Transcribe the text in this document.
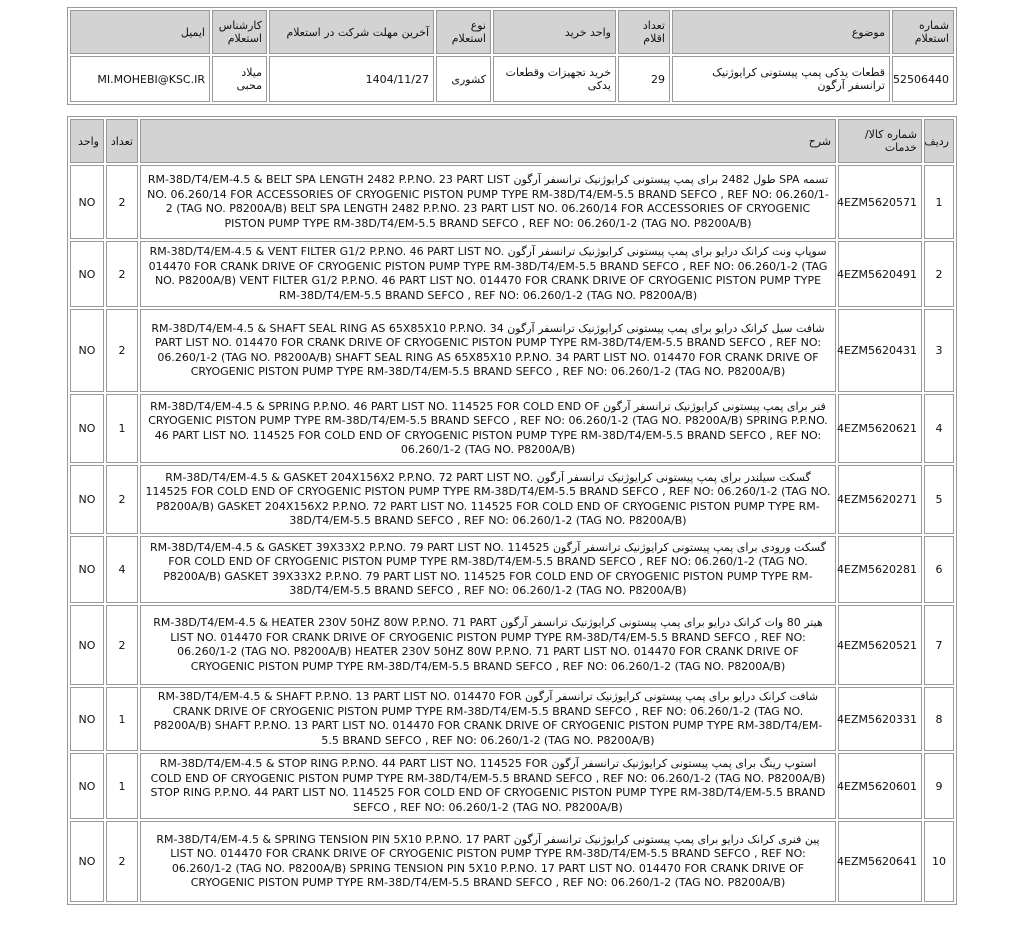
شماره استعلام	موضوع	تعداد اقلام	واحد خرید	نوع استعلام	آخرین مهلت شرکت در استعلام	کارشناس استعلام	ایمیل
52506440	قطعات یدکی پمپ پیستونی کرایوژنیک ترانسفر آرگون	29	خرید تجهیزات وقطعات یدکی	کشوری	1404/11/27	میلاد محبی	MI.MOHEBI@KSC.IR
ردیف	شماره کالا/خدمات	شرح	تعداد	واحد
1	4EZM5620571	تسمه SPA طول 2482 برای پمپ پیستونی کرایوژنیک ترانسفر آرگون RM-38D/T4/EM-4.5 & BELT SPA LENGTH 2482 P.P.NO. 23 PART LIST NO. 06.260/14 FOR ACCESSORIES OF CRYOGENIC PISTON PUMP TYPE RM-38D/T4/EM-5.5 BRAND SEFCO , REF NO: 06.260/1-2 (TAG NO. P8200A/B) BELT SPA LENGTH 2482 P.P.NO. 23 PART LIST NO. 06.260/14 FOR ACCESSORIES OF CRYOGENIC PISTON PUMP TYPE RM-38D/T4/EM-5.5 BRAND SEFCO , REF NO: 06.260/1-2 (TAG NO. P8200A/B)	2	NO
2	4EZM5620491	سوپاپ ونت کرانک درایو برای پمپ پیستونی کرایوژنیک ترانسفر آرگون RM-38D/T4/EM-4.5 & VENT FILTER G1/2 P.P.NO. 46 PART LIST NO. 014470 FOR CRANK DRIVE OF CRYOGENIC PISTON PUMP TYPE RM-38D/T4/EM-5.5 BRAND SEFCO , REF NO: 06.260/1-2 (TAG NO. P8200A/B) VENT FILTER G1/2 P.P.NO. 46 PART LIST NO. 014470 FOR CRANK DRIVE OF CRYOGENIC PISTON PUMP TYPE RM-38D/T4/EM-5.5 BRAND SEFCO , REF NO: 06.260/1-2 (TAG NO. P8200A/B)	2	NO
3	4EZM5620431	شافت سیل کرانک درایو برای پمپ پیستونی کرایوژنیک ترانسفر آرگون RM-38D/T4/EM-4.5 & SHAFT SEAL RING AS 65X85X10 P.P.NO. 34 PART LIST NO. 014470 FOR CRANK DRIVE OF CRYOGENIC PISTON PUMP TYPE RM-38D/T4/EM-5.5 BRAND SEFCO , REF NO: 06.260/1-2 (TAG NO. P8200A/B) SHAFT SEAL RING AS 65X85X10 P.P.NO. 34 PART LIST NO. 014470 FOR CRANK DRIVE OF CRYOGENIC PISTON PUMP TYPE RM-38D/T4/EM-5.5 BRAND SEFCO , REF NO: 06.260/1-2 (TAG NO. P8200A/B)	2	NO
4	4EZM5620621	فنر برای پمپ پیستونی کرایوژنیک ترانسفر آرگون RM-38D/T4/EM-4.5 & SPRING P.P.NO. 46 PART LIST NO. 114525 FOR COLD END OF CRYOGENIC PISTON PUMP TYPE RM-38D/T4/EM-5.5 BRAND SEFCO , REF NO: 06.260/1-2 (TAG NO. P8200A/B) SPRING P.P.NO. 46 PART LIST NO. 114525 FOR COLD END OF CRYOGENIC PISTON PUMP TYPE RM-38D/T4/EM-5.5 BRAND SEFCO , REF NO: 06.260/1-2 (TAG NO. P8200A/B)	1	NO
5	4EZM5620271	گسکت سیلندر برای پمپ پیستونی کرایوژنیک ترانسفر آرگون RM-38D/T4/EM-4.5 & GASKET 204X156X2 P.P.NO. 72 PART LIST NO. 114525 FOR COLD END OF CRYOGENIC PISTON PUMP TYPE RM-38D/T4/EM-5.5 BRAND SEFCO , REF NO: 06.260/1-2 (TAG NO. P8200A/B) GASKET 204X156X2 P.P.NO. 72 PART LIST NO. 114525 FOR COLD END OF CRYOGENIC PISTON PUMP TYPE RM-38D/T4/EM-5.5 BRAND SEFCO , REF NO: 06.260/1-2 (TAG NO. P8200A/B)	2	NO
6	4EZM5620281	گسکت ورودی برای پمپ پیستونی کرایوژنیک ترانسفر آرگون RM-38D/T4/EM-4.5 & GASKET 39X33X2 P.P.NO. 79 PART LIST NO. 114525 FOR COLD END OF CRYOGENIC PISTON PUMP TYPE RM-38D/T4/EM-5.5 BRAND SEFCO , REF NO: 06.260/1-2 (TAG NO. P8200A/B) GASKET 39X33X2 P.P.NO. 79 PART LIST NO. 114525 FOR COLD END OF CRYOGENIC PISTON PUMP TYPE RM-38D/T4/EM-5.5 BRAND SEFCO , REF NO: 06.260/1-2 (TAG NO. P8200A/B)	4	NO
7	4EZM5620521	هیتر 80 وات کرانک درایو برای پمپ پیستونی کرایوژنیک ترانسفر آرگون RM-38D/T4/EM-4.5 & HEATER 230V 50HZ 80W P.P.NO. 71 PART LIST NO. 014470 FOR CRANK DRIVE OF CRYOGENIC PISTON PUMP TYPE RM-38D/T4/EM-5.5 BRAND SEFCO , REF NO: 06.260/1-2 (TAG NO. P8200A/B) HEATER 230V 50HZ 80W P.P.NO. 71 PART LIST NO. 014470 FOR CRANK DRIVE OF CRYOGENIC PISTON PUMP TYPE RM-38D/T4/EM-5.5 BRAND SEFCO , REF NO: 06.260/1-2 (TAG NO. P8200A/B)	2	NO
8	4EZM5620331	شافت کرانک درایو برای پمپ پیستونی کرایوژنیک ترانسفر آرگون RM-38D/T4/EM-4.5 & SHAFT P.P.NO. 13 PART LIST NO. 014470 FOR CRANK DRIVE OF CRYOGENIC PISTON PUMP TYPE RM-38D/T4/EM-5.5 BRAND SEFCO , REF NO: 06.260/1-2 (TAG NO. P8200A/B) SHAFT P.P.NO. 13 PART LIST NO. 014470 FOR CRANK DRIVE OF CRYOGENIC PISTON PUMP TYPE RM-38D/T4/EM-5.5 BRAND SEFCO , REF NO: 06.260/1-2 (TAG NO. P8200A/B)	1	NO
9	4EZM5620601	استوپ رینگ برای پمپ پیستونی کرایوژنیک ترانسفر آرگون RM-38D/T4/EM-4.5 & STOP RING P.P.NO. 44 PART LIST NO. 114525 FOR COLD END OF CRYOGENIC PISTON PUMP TYPE RM-38D/T4/EM-5.5 BRAND SEFCO , REF NO: 06.260/1-2 (TAG NO. P8200A/B) STOP RING P.P.NO. 44 PART LIST NO. 114525 FOR COLD END OF CRYOGENIC PISTON PUMP TYPE RM-38D/T4/EM-5.5 BRAND SEFCO , REF NO: 06.260/1-2 (TAG NO. P8200A/B)	1	NO
10	4EZM5620641	پین فنری کرانک درایو برای پمپ پیستونی کرایوژنیک ترانسفر آرگون RM-38D/T4/EM-4.5 & SPRING TENSION PIN 5X10 P.P.NO. 17 PART LIST NO. 014470 FOR CRANK DRIVE OF CRYOGENIC PISTON PUMP TYPE RM-38D/T4/EM-5.5 BRAND SEFCO , REF NO: 06.260/1-2 (TAG NO. P8200A/B) SPRING TENSION PIN 5X10 P.P.NO. 17 PART LIST NO. 014470 FOR CRANK DRIVE OF CRYOGENIC PISTON PUMP TYPE RM-38D/T4/EM-5.5 BRAND SEFCO , REF NO: 06.260/1-2 (TAG NO. P8200A/B)	2	NO
